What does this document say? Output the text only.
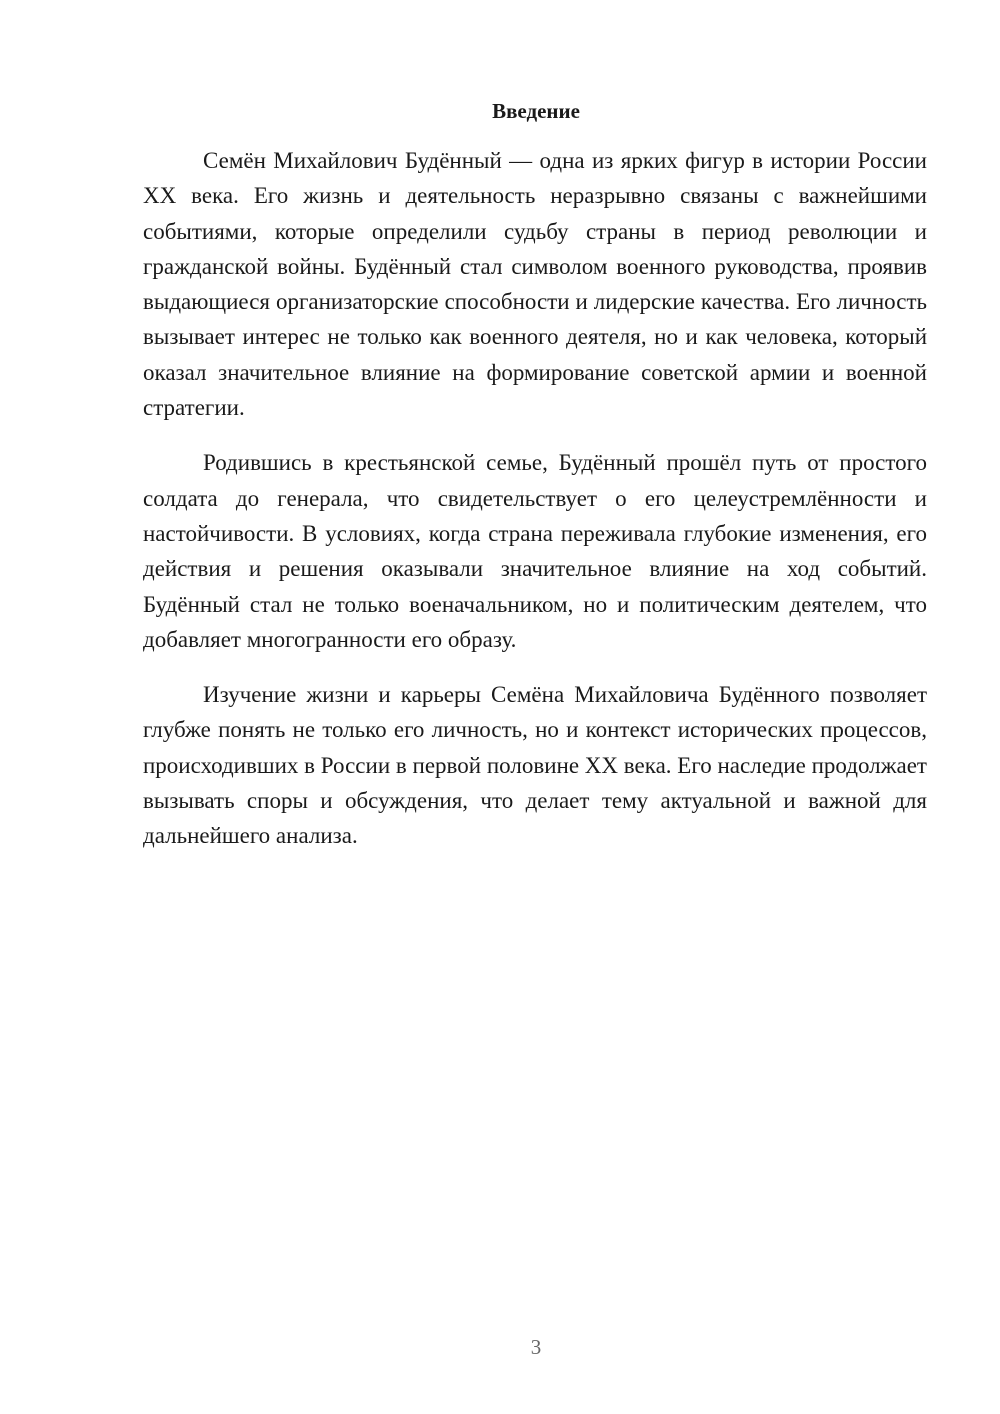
Введение

Семён Михайлович Будённый — одна из ярких фигур в истории России XX века. Его жизнь и деятельность неразрывно связаны с важнейшими событиями, которые определили судьбу страны в период революции и гражданской войны. Будённый стал символом военного руководства, проявив выдающиеся организаторские способности и лидерские качества. Его личность вызывает интерес не только как военного деятеля, но и как человека, который оказал значительное влияние на формирование советской армии и военной стратегии.

Родившись в крестьянской семье, Будённый прошёл путь от простого солдата до генерала, что свидетельствует о его целеустремлённости и настойчивости. В условиях, когда страна переживала глубокие изменения, его действия и решения оказывали значительное влияние на ход событий. Будённый стал не только военачальником, но и политическим деятелем, что добавляет многогранности его образу.

Изучение жизни и карьеры Семёна Михайловича Будённого позволяет глубже понять не только его личность, но и контекст исторических процессов, происходивших в России в первой половине XX века. Его наследие продолжает вызывать споры и обсуждения, что делает тему актуальной и важной для дальнейшего анализа.

3
